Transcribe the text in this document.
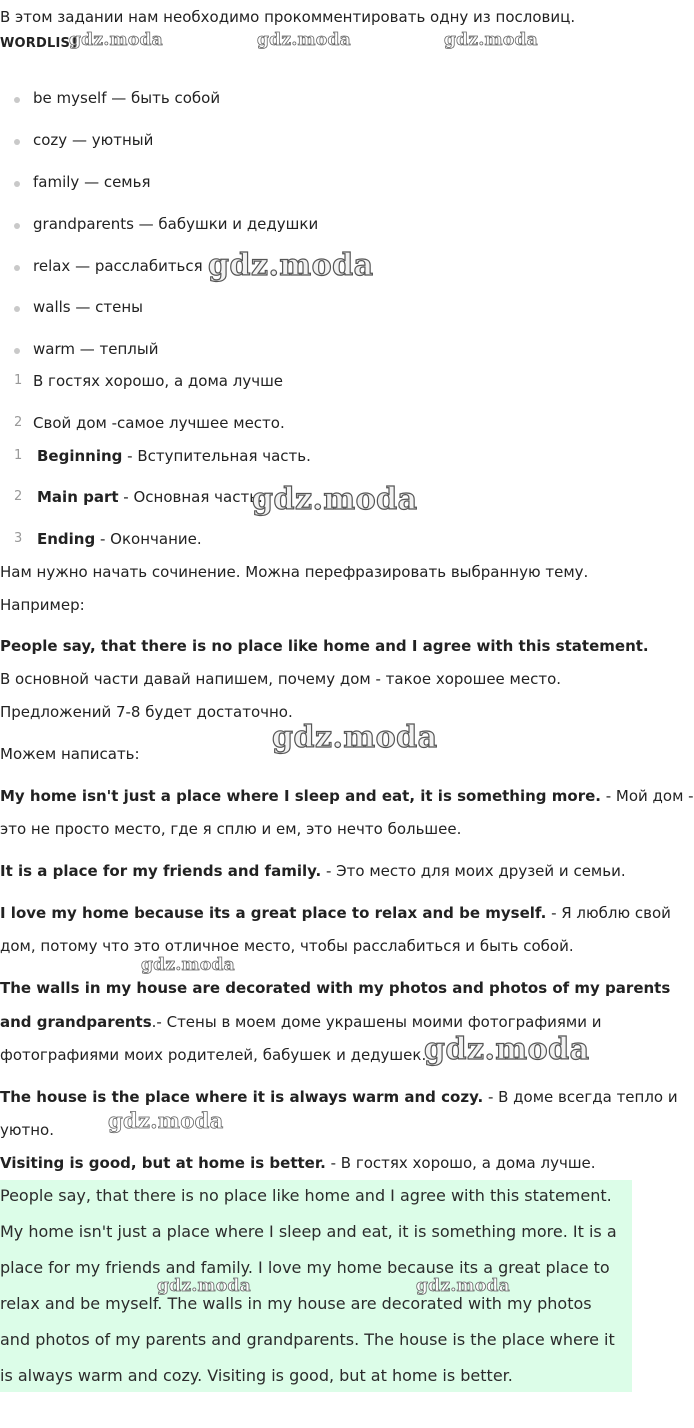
В этом задании нам необходимо прокомментировать одну из пословиц.
WORDLIST
gdz.moda	gdz.moda	gdz.moda
be myself — быть собой
cozy — уютный
family — семья
grandparents — бабушки и дедушки
relax — расслабиться
walls — стены
warm — теплый
gdz.moda
1 В гостях хорошо, а дома лучше
2 Свой дом -самое лучшее место.
1 Beginning - Вступительная часть.
2 Main part - Основная часть.
3 Ending - Окончание.
gdz.moda
Нам нужно начать сочинение. Можна перефразировать выбранную тему.
Например:
People say, that there is no place like home and I agree with this statement.
В основной части давай напишем, почему дом - такое хорошее место.
Предложений 7-8 будет достаточно.
Можем написать:	gdz.moda
My home isn't just a place where I sleep and eat, it is something more. - Мой дом -
это не просто место, где я сплю и ем, это нечто большее.
It is a place for my friends and family. - Это место для моих друзей и семьи.
I love my home because its a great place to relax and be myself. - Я люблю свой
дом, потому что это отличное место, чтобы расслабиться и быть собой.
gdz.moda
The walls in my house are decorated with my photos and photos of my parents
and grandparents.- Стены в моем доме украшены моими фотографиями и
фотографиями моих родителей, бабушек и дедушек.
gdz.moda
The house is the place where it is always warm and cozy. - В доме всегда тепло и
уютно.	gdz.moda
Visiting is good, but at home is better. - В гостях хорошо, а дома лучше.
People say, that there is no place like home and I agree with this statement.
My home isn't just a place where I sleep and eat, it is something more. It is a
place for my friends and family. I love my home because its a great place to
relax and be myself. The walls in my house are decorated with my photos
and photos of my parents and grandparents. The house is the place where it
is always warm and cozy. Visiting is good, but at home is better.
gdz.moda	gdz.moda
